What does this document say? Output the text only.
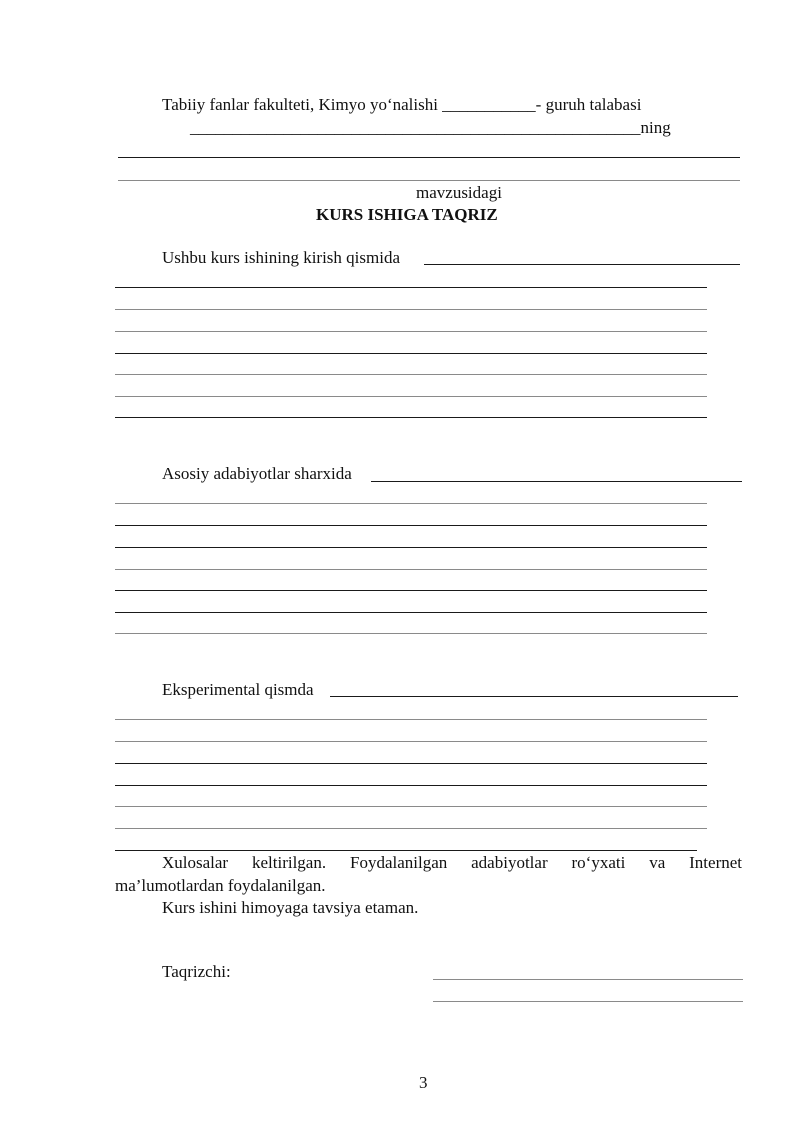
Tabiiy fanlar fakulteti, Kimyo yo‘nalishi ___________- guruh talabasi
_____________________________________________________ning
mavzusidagi
KURS ISHIGA TAQRIZ
Ushbu kurs ishining kirish qismida
Asosiy adabiyotlar sharxida
Eksperimental qismda
Xulosalar keltirilgan. Foydalanilgan adabiyotlar ro‘yxati va Internet
ma’lumotlardan foydalanilgan.
Kurs ishini himoyaga tavsiya etaman.
Taqrizchi:
3
